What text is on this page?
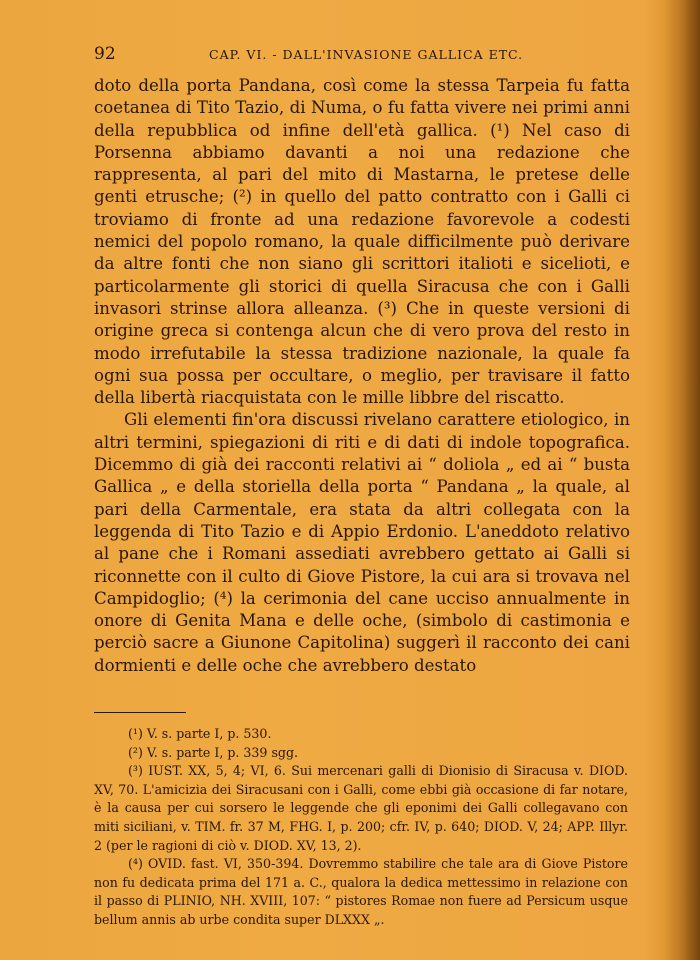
92	CAP. VI. - DALL'INVASIONE GALLICA ETC.

doto della porta Pandana, così come la stessa Tarpeia fu fatta coetanea di Tito Tazio, di Numa, o fu fatta vivere nei primi anni della repubblica od infine dell'età gallica. (¹) Nel caso di Porsenna abbiamo davanti a noi una redazione che rappresenta, al pari del mito di Mastarna, le pretese delle genti etrusche; (²) in quello del patto contratto con i Galli ci troviamo di fronte ad una redazione favorevole a codesti nemici del popolo romano, la quale difficilmente può derivare da altre fonti che non siano gli scrittori italioti e sicelioti, e particolarmente gli storici di quella Siracusa che con i Galli invasori strinse allora alleanza. (³) Che in queste versioni di origine greca si contenga alcun che di vero prova del resto in modo irrefutabile la stessa tradizione nazionale, la quale fa ogni sua possa per occultare, o meglio, per travisare il fatto della libertà riacquistata con le mille libbre del riscatto.

Gli elementi fin'ora discussi rivelano carattere etiologico, in altri termini, spiegazioni di riti e di dati di indole topografica. Dicemmo di già dei racconti relativi ai “ doliola „ ed ai “ busta Gallica „ e della storiella della porta “ Pandana „ la quale, al pari della Carmentale, era stata da altri collegata con la leggenda di Tito Tazio e di Appio Erdonio. L'aneddoto relativo al pane che i Romani assediati avrebbero gettato ai Galli si riconnette con il culto di Giove Pistore, la cui ara si trovava nel Campidoglio; (⁴) la cerimonia del cane ucciso annualmente in onore di Genita Mana e delle oche, (simbolo di castimonia e perciò sacre a Giunone Capitolina) suggerì il racconto dei cani dormienti e delle oche che avrebbero destato

(¹) V. s. parte I, p. 530.

(²) V. s. parte I, p. 339 sgg.

(³) IUST. XX, 5, 4; VI, 6. Sui mercenari galli di Dionisio di Siracusa v. DIOD. XV, 70. L'amicizia dei Siracusani con i Galli, come ebbi già occasione di far notare, è la causa per cui sorsero le leggende che gli eponimi dei Galli collegavano con miti siciliani, v. TIM. fr. 37 M, FHG. I, p. 200; cfr. IV, p. 640; DIOD. V, 24; APP. Illyr. 2 (per le ragioni di ciò v. DIOD. XV, 13, 2).

(⁴) OVID. fast. VI, 350-394. Dovremmo stabilire che tale ara di Giove Pistore non fu dedicata prima del 171 a. C., qualora la dedica mettessimo in relazione con il passo di PLINIO, NH. XVIII, 107: “ pistores Romae non fuere ad Persicum usque bellum annis ab urbe condita super DLXXX „.
